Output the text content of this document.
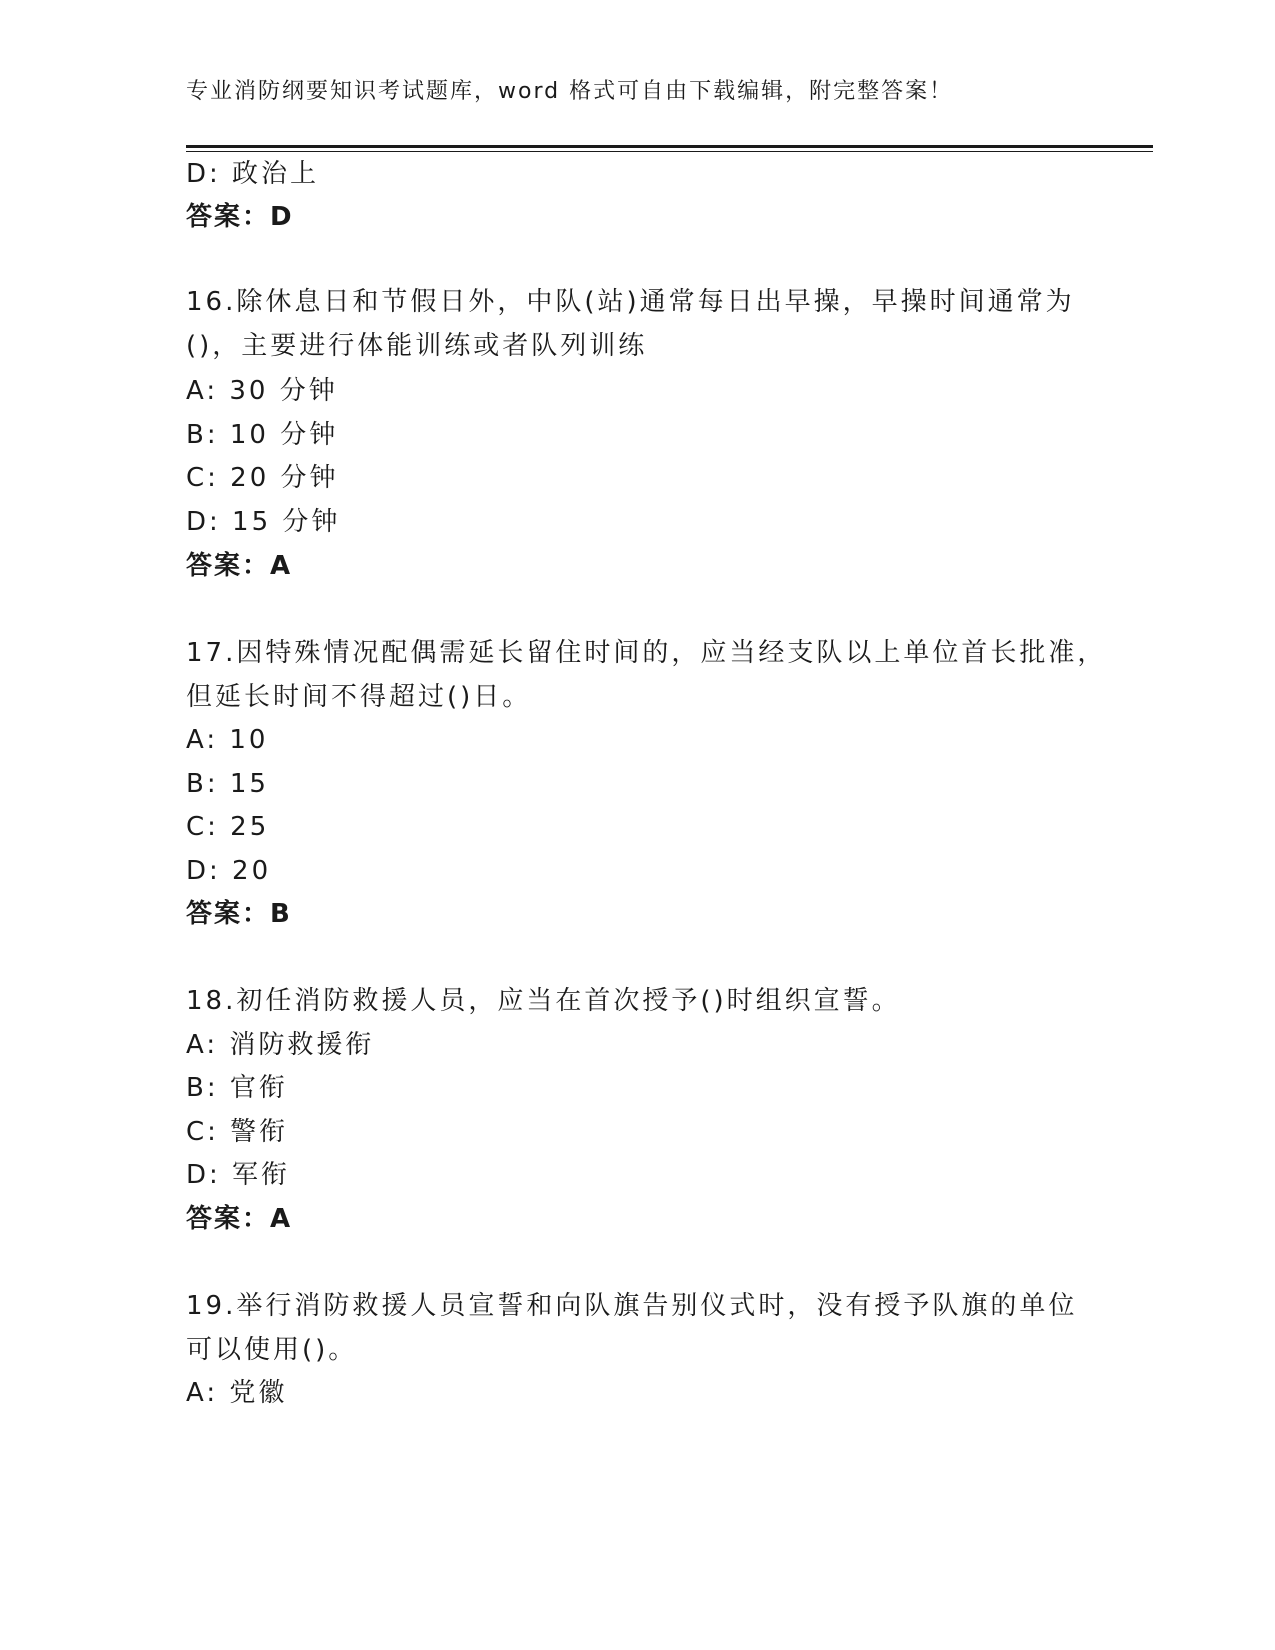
专业消防纲要知识考试题库，word 格式可自由下载编辑，附完整答案！
D: 政治上
答案：D
16.除休息日和节假日外，中队(站)通常每日出早操，早操时间通常为
()，主要进行体能训练或者队列训练
A: 30 分钟
B: 10 分钟
C: 20 分钟
D: 15 分钟
答案：A
17.因特殊情况配偶需延长留住时间的，应当经支队以上单位首长批准，
但延长时间不得超过()日。
A: 10
B: 15
C: 25
D: 20
答案：B
18.初任消防救援人员，应当在首次授予()时组织宣誓。
A: 消防救援衔
B: 官衔
C: 警衔
D: 军衔
答案：A
19.举行消防救援人员宣誓和向队旗告别仪式时，没有授予队旗的单位
可以使用()。
A: 党徽
